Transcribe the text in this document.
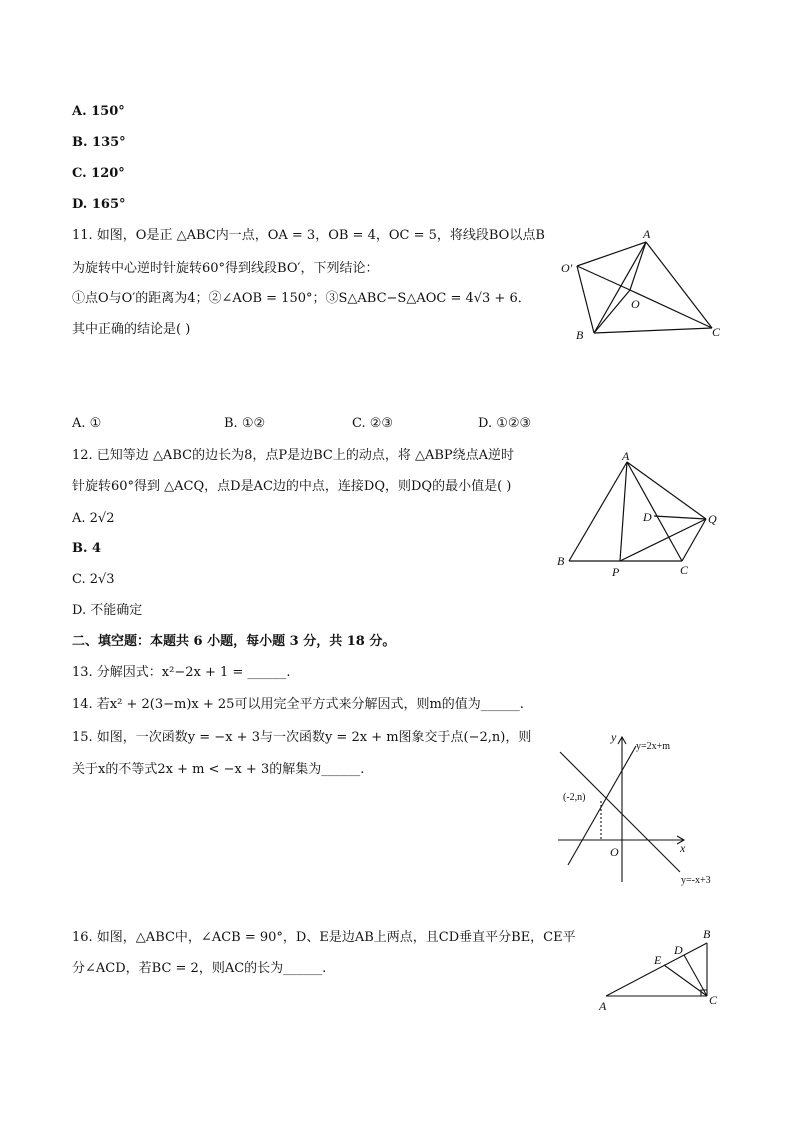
A. 150°
B. 135°
C. 120°
D. 165°
11. 如图，O是正 △ABC内一点，OA = 3，OB = 4，OC = 5，将线段BO以点B
为旋转中心逆时针旋转60°得到线段BO′，下列结论：
①点O与O′的距离为4；②∠AOB = 150°；③S△ABC−S△AOC = 4√3 + 6．
其中正确的结论是( )
A
B	C
O
O′
A. ①	B. ①②	C. ②③	D. ①②③
12. 已知等边 △ABC的边长为8，点P是边BC上的动点，将 △ABP绕点A逆时
针旋转60°得到 △ACQ，点D是AC边的中点，连接DQ，则DQ的最小值是( )
A. 2√2
B. 4
C. 2√3
D. 不能确定
A
B
C
D
P
Q
二、填空题：本题共 6 小题，每小题 3 分，共 18 分。
13. 分解因式：x²−2x + 1 = ______.
14. 若x² + 2(3−m)x + 25可以用完全平方式来分解因式，则m的值为______.
15. 如图，一次函数y = −x + 3与一次函数y = 2x + m图象交于点(−2,n)，则
关于x的不等式2x + m < −x + 3的解集为______.
y
x
O
(-2,n)
y=2x+m
y=-x+3
16. 如图，△ABC中，∠ACB = 90°，D、E是边AB上两点，且CD垂直平分BE，CE平
分∠ACD，若BC = 2，则AC的长为______.
A
B
C
D
E
